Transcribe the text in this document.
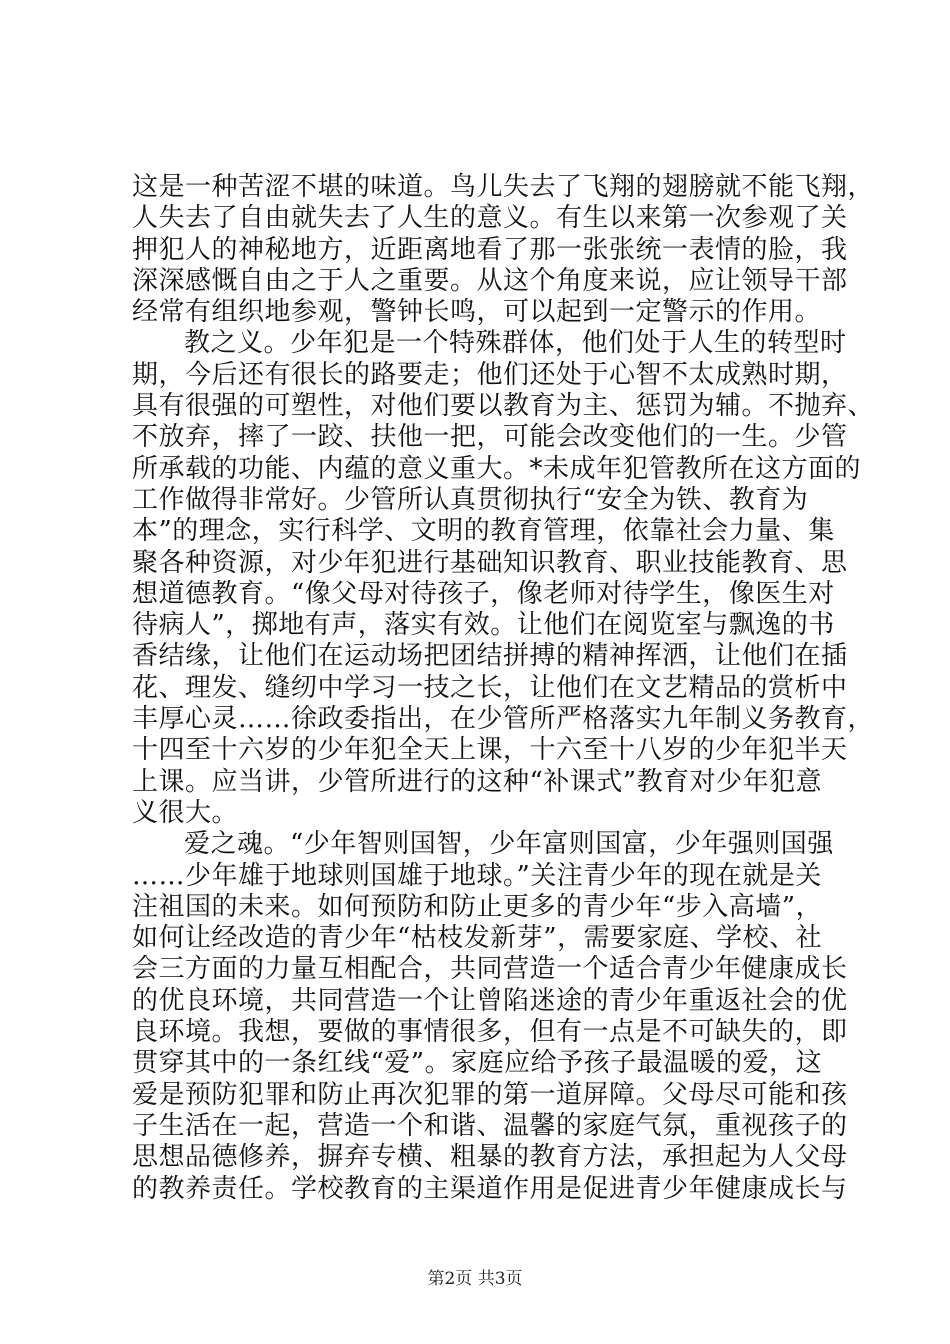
这是一种苦涩不堪的味道。鸟儿失去了飞翔的翅膀就不能飞翔，
人失去了自由就失去了人生的意义。有生以来第一次参观了关
押犯人的神秘地方，近距离地看了那一张张统一表情的脸，我
深深感慨自由之于人之重要。从这个角度来说，应让领导干部
经常有组织地参观，警钟长鸣，可以起到一定警示的作用。
教之义。少年犯是一个特殊群体，他们处于人生的转型时
期，今后还有很长的路要走；他们还处于心智不太成熟时期，
具有很强的可塑性，对他们要以教育为主、惩罚为辅。不抛弃、
不放弃，摔了一跤、扶他一把，可能会改变他们的一生。少管
所承载的功能、内蕴的意义重大。*未成年犯管教所在这方面的
工作做得非常好。少管所认真贯彻执行“安全为铁、教育为
本”的理念，实行科学、文明的教育管理，依靠社会力量、集
聚各种资源，对少年犯进行基础知识教育、职业技能教育、思
想道德教育。“像父母对待孩子，像老师对待学生，像医生对
待病人”，掷地有声，落实有效。让他们在阅览室与飘逸的书
香结缘，让他们在运动场把团结拼搏的精神挥洒，让他们在插
花、理发、缝纫中学习一技之长，让他们在文艺精品的赏析中
丰厚心灵……徐政委指出，在少管所严格落实九年制义务教育，
十四至十六岁的少年犯全天上课，十六至十八岁的少年犯半天
上课。应当讲，少管所进行的这种“补课式”教育对少年犯意
义很大。
爱之魂。“少年智则国智，少年富则国富，少年强则国强
……少年雄于地球则国雄于地球。”关注青少年的现在就是关
注祖国的未来。如何预防和防止更多的青少年“步入高墙”，
如何让经改造的青少年“枯枝发新芽”，需要家庭、学校、社
会三方面的力量互相配合，共同营造一个适合青少年健康成长
的优良环境，共同营造一个让曾陷迷途的青少年重返社会的优
良环境。我想，要做的事情很多，但有一点是不可缺失的，即
贯穿其中的一条红线“爱”。家庭应给予孩子最温暖的爱，这
爱是预防犯罪和防止再次犯罪的第一道屏障。父母尽可能和孩
子生活在一起，营造一个和谐、温馨的家庭气氛，重视孩子的
思想品德修养，摒弃专横、粗暴的教育方法，承担起为人父母
的教养责任。学校教育的主渠道作用是促进青少年健康成长与
第2页 共3页
